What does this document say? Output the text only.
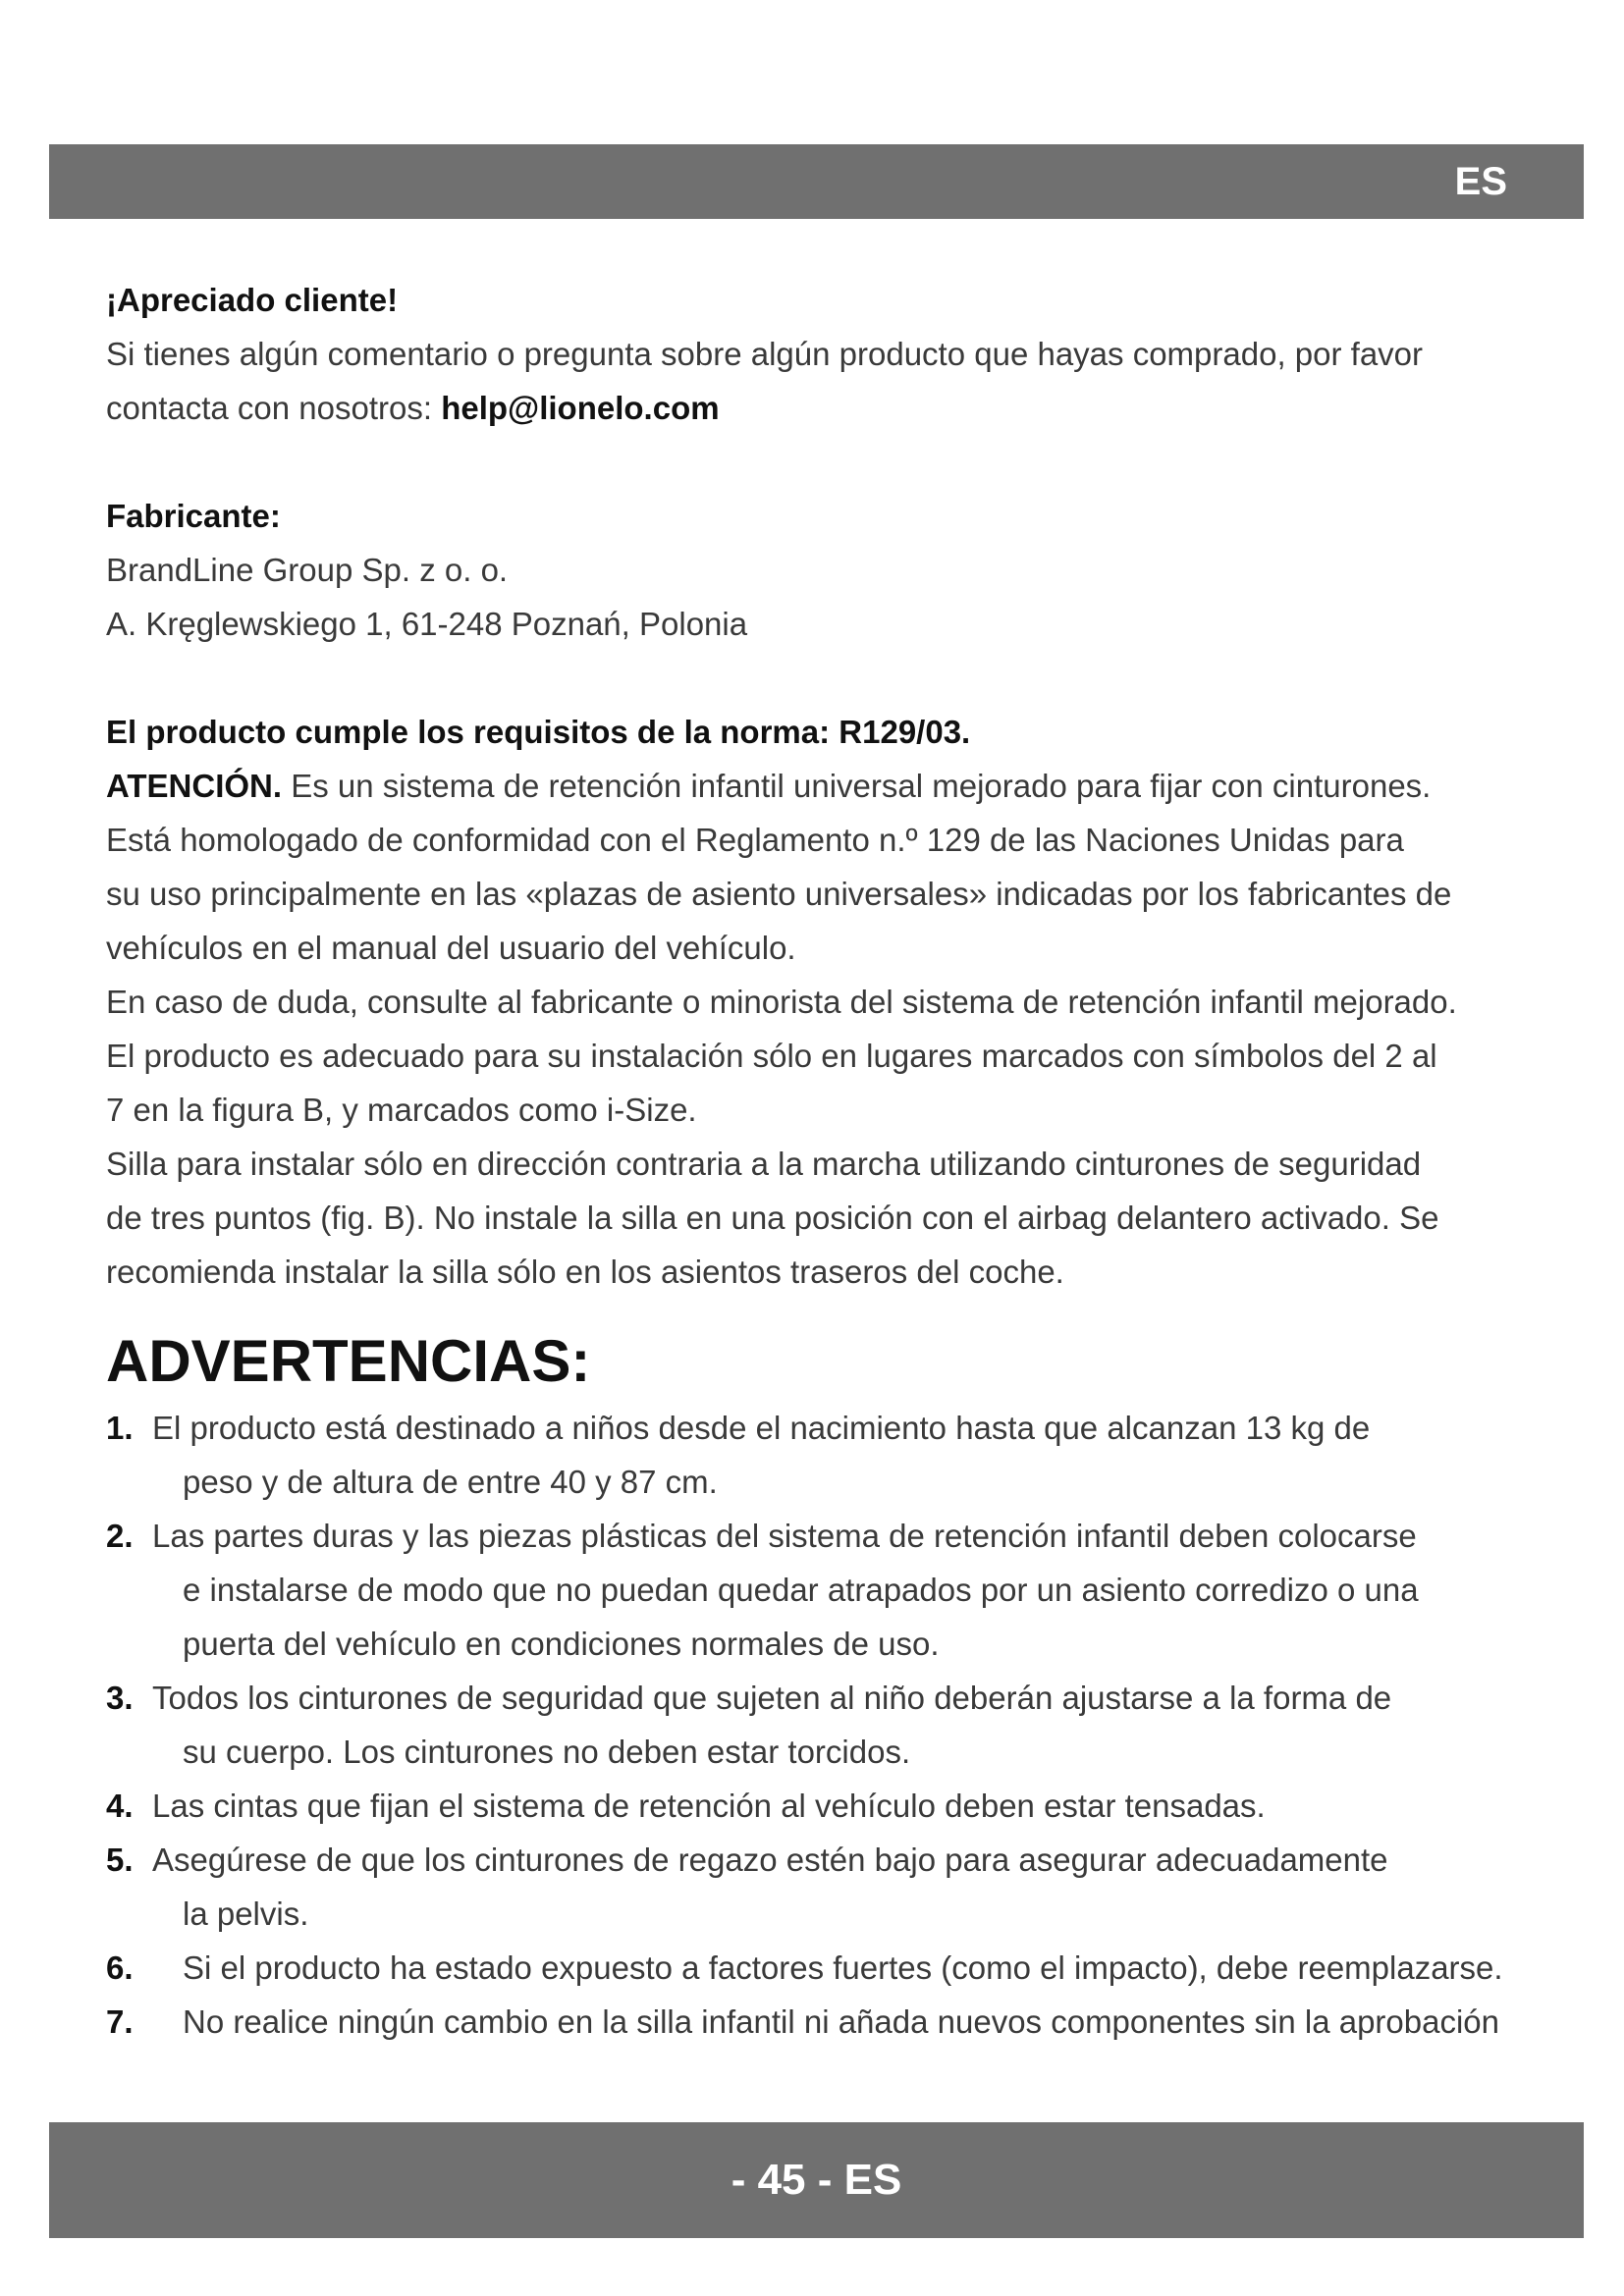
ES

¡Apreciado cliente!

Si tienes algún comentario o pregunta sobre algún producto que hayas comprado, por favor

contacta con nosotros: help@lionelo.com

Fabricante:

BrandLine Group Sp. z o. o.

A. Kręglewskiego 1, 61-248 Poznań, Polonia

El producto cumple los requisitos de la norma: R129/03.

ATENCIÓN. Es un sistema de retención infantil universal mejorado para fijar con cinturones.

Está homologado de conformidad con el Reglamento n.º 129 de las Naciones Unidas para

su uso principalmente en las «plazas de asiento universales» indicadas por los fabricantes de

vehículos en el manual del usuario del vehículo.

En caso de duda, consulte al fabricante o minorista del sistema de retención infantil mejorado.

El producto es adecuado para su instalación sólo en lugares marcados con símbolos del 2 al

7 en la figura B, y marcados como i-Size.

Silla para instalar sólo en dirección contraria a la marcha utilizando cinturones de seguridad

de tres puntos (fig. B). No instale la silla en una posición con el airbag delantero activado. Se

recomienda instalar la silla sólo en los asientos traseros del coche.

ADVERTENCIAS:
1. El producto está destinado a niños desde el nacimiento hasta que alcanzan 13 kg de
peso y de altura de entre 40 y 87 cm.
2. Las partes duras y las piezas plásticas del sistema de retención infantil deben colocarse
e instalarse de modo que no puedan quedar atrapados por un asiento corredizo o una
puerta del vehículo en condiciones normales de uso.
3. Todos los cinturones de seguridad que sujeten al niño deberán ajustarse a la forma de
su cuerpo. Los cinturones no deben estar torcidos.
4. Las cintas que fijan el sistema de retención al vehículo deben estar tensadas.
5. Asegúrese de que los cinturones de regazo estén bajo para asegurar adecuadamente
la pelvis.
6. Si el producto ha estado expuesto a factores fuertes (como el impacto), debe reemplazarse.
7. No realice ningún cambio en la silla infantil ni añada nuevos componentes sin la aprobación
- 45 - ES
